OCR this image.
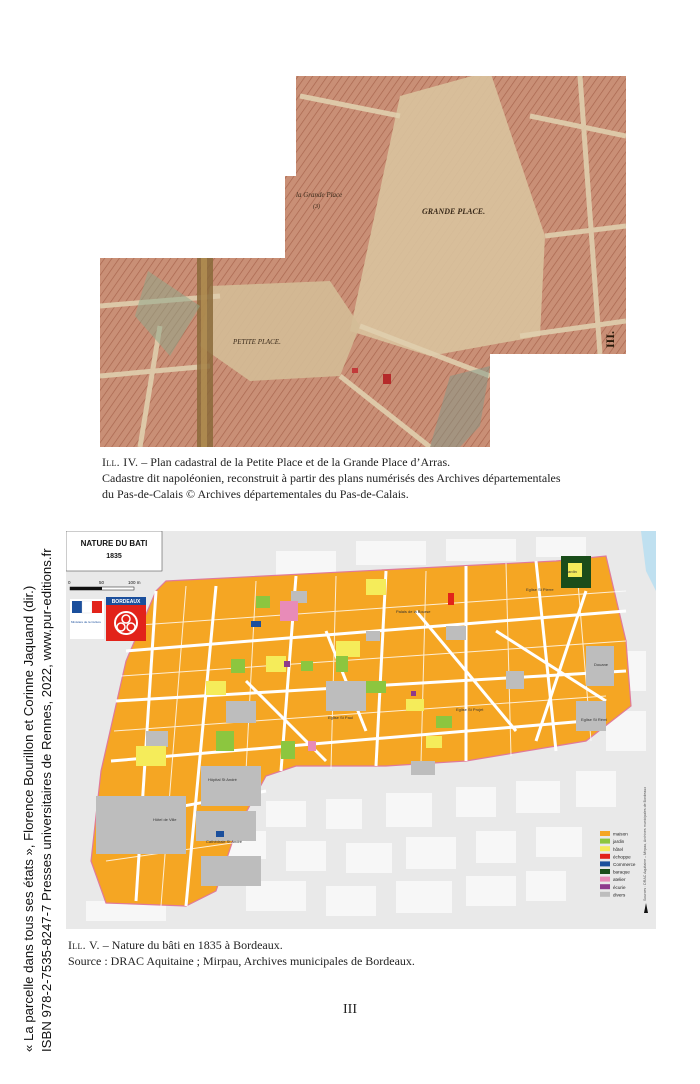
GRANDE PLACE.
PETITE PLACE.
la Grande Place
(3)
III.
Ill. IV. – Plan cadastral de la Petite Place et de la Grande Place d’Arras.
Cadastre dit napoléonien, reconstruit à partir des plans numérisés des Archives départementales
du Pas-de-Calais © Archives départementales du Pas-de-Calais.
Hôpital St André
Cathédrale St André
Hôtel de Ville
Douane
Eglise St Pierre
Eglise St Rémi
Palais de la Bourse
Eglise St Paul
Eglise St Projet
Jardin
NATURE DU BATI
1835
0	50	100 m
Ministère de la Culture
BORDEAUX
maison
jardin
hôtel
échoppe
Commerce
baraque
atelier
écurie
divers	Sources : DRAC Aquitaine – Mirpau, Archives municipales de Bordeaux
Ill. V. – Nature du bâti en 1835 à Bordeaux.
Source : DRAC Aquitaine ; Mirpau, Archives municipales de Bordeaux.
III
« La parcelle dans tous ses états », Florence Bourillon et Corinne Jaquand (dir.) ISBN 978-2-7535-8247-7 Presses universitaires de Rennes, 2022, www.pur-editions.fr
